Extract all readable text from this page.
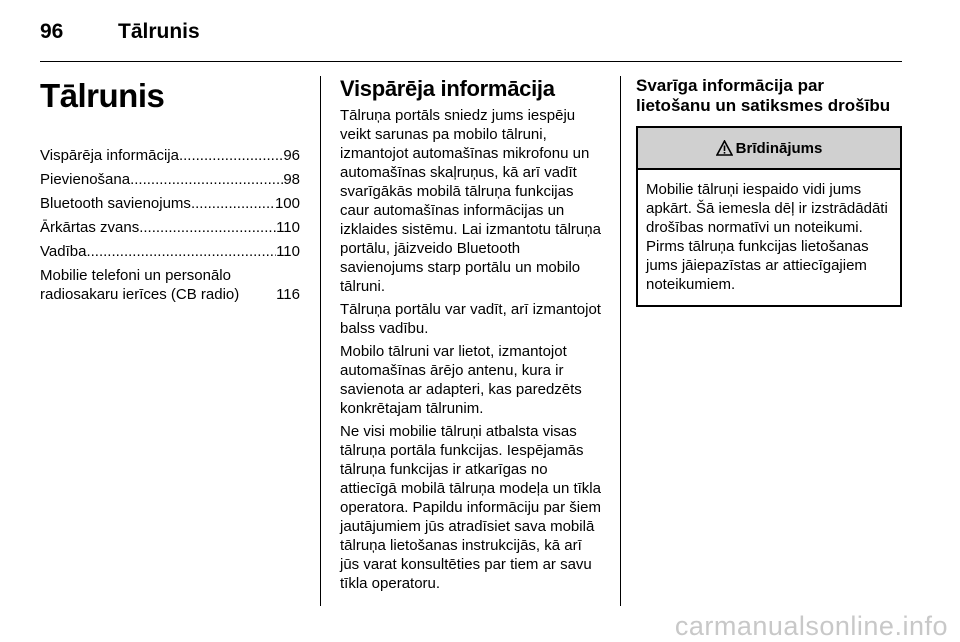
96	Tālrunis
Tālrunis
Vispārēja informācija .....	96
Pievienošana .....	98
Bluetooth savienojums .....	100
Ārkārtas zvans .....	110
Vadība .....	110
Mobilie telefoni un personālo
radiosakaru ierīces (CB radio) 116
Vispārēja informācija

Tālruņa portāls sniedz jums iespēju veikt sarunas pa mobilo tālruni, izmantojot automašīnas mikrofonu un automašīnas skaļruņus, kā arī vadīt svarīgākās mobilā tālruņa funkcijas caur automašīnas informācijas un izklaides sistēmu. Lai izmantotu tālruņa portālu, jāizveido Bluetooth savienojums starp portālu un mobilo tālruni.

Tālruņa portālu var vadīt, arī izmantojot balss vadību.

Mobilo tālruni var lietot, izmantojot automašīnas ārējo antenu, kura ir savienota ar adapteri, kas paredzēts konkrētajam tālrunim.

Ne visi mobilie tālruņi atbalsta visas tālruņa portāla funkcijas. Iespējamās tālruņa funkcijas ir atkarīgas no attiecīgā mobilā tālruņa modeļa un tīkla operatora. Papildu informāciju par šiem jautājumiem jūs atradīsiet sava mobilā tālruņa lietošanas instrukcijās, kā arī jūs varat konsultēties par tiem ar savu tīkla operatoru.

Svarīga informācija par
lietošanu un satiksmes drošību
Brīdinājums
Mobilie tālruņi iespaido vidi jums apkārt. Šā iemesla dēļ ir izstrādādāti drošības normatīvi un noteikumi. Pirms tālruņa funkcijas lietošanas jums jāiepazīstas ar attiecīgajiem noteikumiem.
carmanualsonline.info
